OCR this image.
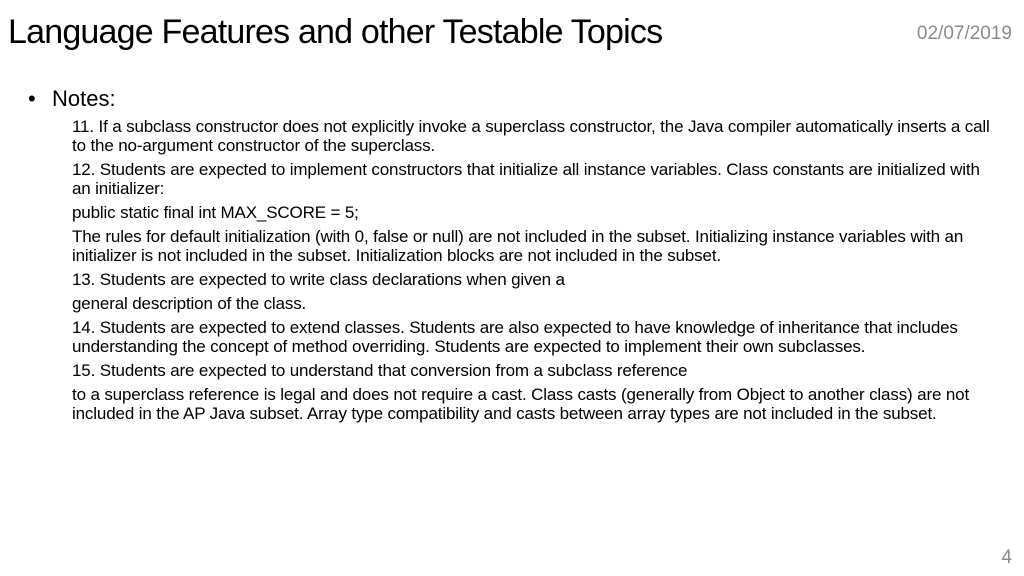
Language Features and other Testable Topics	02/07/2019
• Notes:
11. If a subclass constructor does not explicitly invoke a superclass constructor, the Java compiler automatically inserts a call to the no-argument constructor of the superclass.
12. Students are expected to implement constructors that initialize all instance variables. Class constants are initialized with an initializer:
public static final int MAX_SCORE = 5;
The rules for default initialization (with 0, false or null) are not included in the subset. Initializing instance variables with an initializer is not included in the subset. Initialization blocks are not included in the subset.
13. Students are expected to write class declarations when given a
general description of the class.
14. Students are expected to extend classes. Students are also expected to have knowledge of inheritance that includes understanding the concept of method overriding. Students are expected to implement their own subclasses.
15. Students are expected to understand that conversion from a subclass reference
to a superclass reference is legal and does not require a cast. Class casts (generally from Object to another class) are not included in the AP Java subset. Array type compatibility and casts between array types are not included in the subset.
4
